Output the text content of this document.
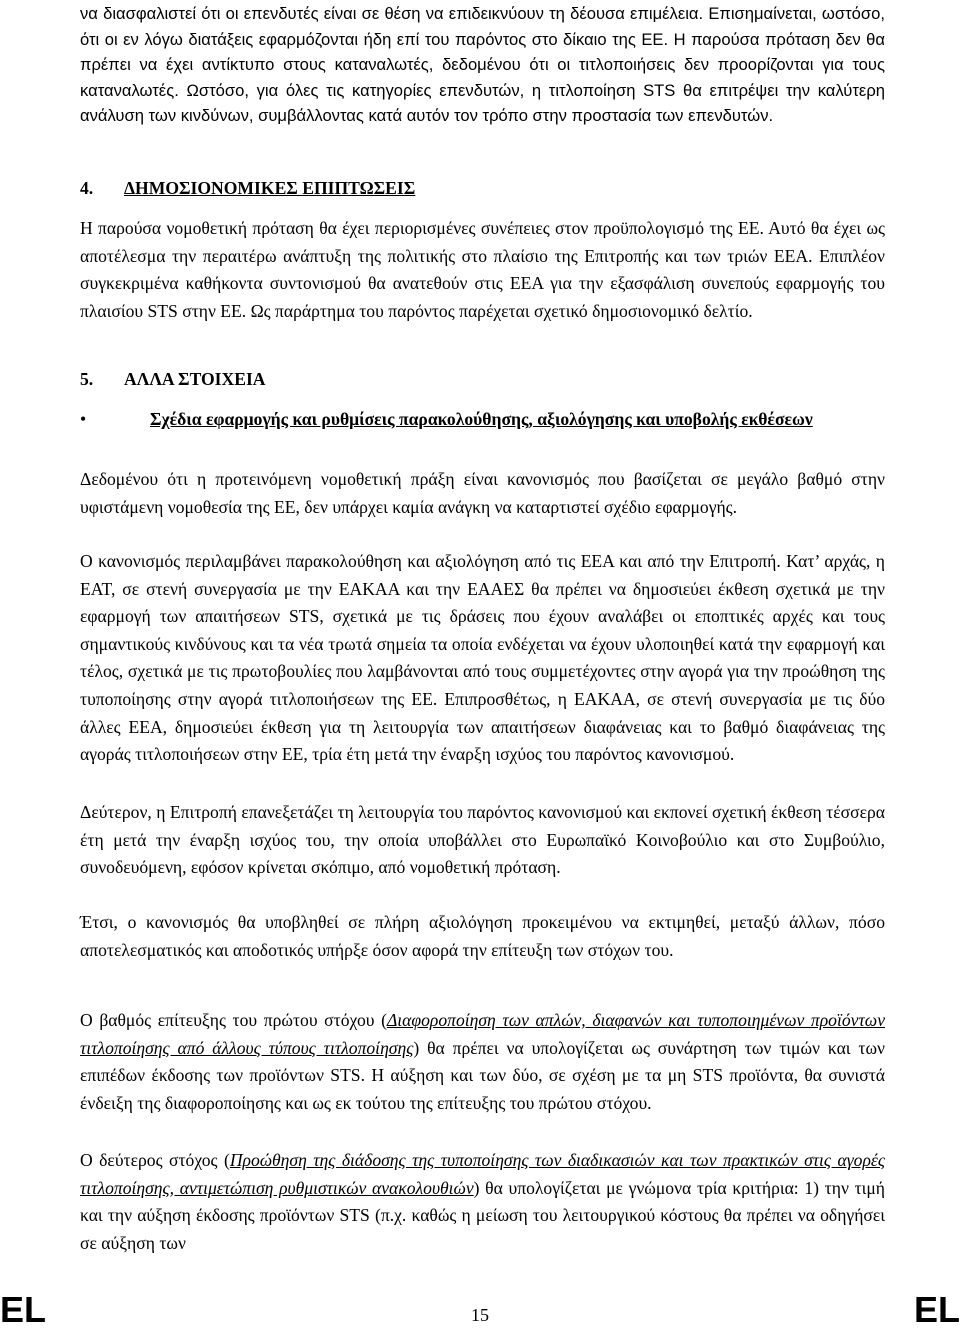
να διασφαλιστεί ότι οι επενδυτές είναι σε θέση να επιδεικνύουν τη δέουσα επιμέλεια. Επισημαίνεται, ωστόσο, ότι οι εν λόγω διατάξεις εφαρμόζονται ήδη επί του παρόντος στο δίκαιο της ΕΕ. Η παρούσα πρόταση δεν θα πρέπει να έχει αντίκτυπο στους καταναλωτές, δεδομένου ότι οι τιτλοποιήσεις δεν προορίζονται για τους καταναλωτές. Ωστόσο, για όλες τις κατηγορίες επενδυτών, η τιτλοποίηση STS θα επιτρέψει την καλύτερη ανάλυση των κινδύνων, συμβάλλοντας κατά αυτόν τον τρόπο στην προστασία των επενδυτών.

4. ΔΗΜΟΣΙΟΝΟΜΙΚΕΣ ΕΠΙΠΤΩΣΕΙΣ

Η παρούσα νομοθετική πρόταση θα έχει περιορισμένες συνέπειες στον προϋπολογισμό της ΕΕ. Αυτό θα έχει ως αποτέλεσμα την περαιτέρω ανάπτυξη της πολιτικής στο πλαίσιο της Επιτροπής και των τριών ΕΕΑ. Επιπλέον συγκεκριμένα καθήκοντα συντονισμού θα ανατεθούν στις ΕΕΑ για την εξασφάλιση συνεπούς εφαρμογής του πλαισίου STS στην ΕΕ. Ως παράρτημα του παρόντος παρέχεται σχετικό δημοσιονομικό δελτίο.

5. ΑΛΛΑ ΣΤΟΙΧΕΙΑ
•	Σχέδια εφαρμογής και ρυθμίσεις παρακολούθησης, αξιολόγησης και υποβολής εκθέσεων

Δεδομένου ότι η προτεινόμενη νομοθετική πράξη είναι κανονισμός που βασίζεται σε μεγάλο βαθμό στην υφιστάμενη νομοθεσία της ΕΕ, δεν υπάρχει καμία ανάγκη να καταρτιστεί σχέδιο εφαρμογής.

Ο κανονισμός περιλαμβάνει παρακολούθηση και αξιολόγηση από τις ΕΕΑ και από την Επιτροπή. Κατ’ αρχάς, η ΕΑΤ, σε στενή συνεργασία με την ΕΑΚΑΑ και την ΕΑΑΕΣ θα πρέπει να δημοσιεύει έκθεση σχετικά με την εφαρμογή των απαιτήσεων STS, σχετικά με τις δράσεις που έχουν αναλάβει οι εποπτικές αρχές και τους σημαντικούς κινδύνους και τα νέα τρωτά σημεία τα οποία ενδέχεται να έχουν υλοποιηθεί κατά την εφαρμογή και τέλος, σχετικά με τις πρωτοβουλίες που λαμβάνονται από τους συμμετέχοντες στην αγορά για την προώθηση της τυποποίησης στην αγορά τιτλοποιήσεων της ΕΕ. Επιπροσθέτως, η ΕΑΚΑΑ, σε στενή συνεργασία με τις δύο άλλες ΕΕΑ, δημοσιεύει έκθεση για τη λειτουργία των απαιτήσεων διαφάνειας και το βαθμό διαφάνειας της αγοράς τιτλοποιήσεων στην ΕΕ, τρία έτη μετά την έναρξη ισχύος του παρόντος κανονισμού.

Δεύτερον, η Επιτροπή επανεξετάζει τη λειτουργία του παρόντος κανονισμού και εκπονεί σχετική έκθεση τέσσερα έτη μετά την έναρξη ισχύος του, την οποία υποβάλλει στο Ευρωπαϊκό Κοινοβούλιο και στο Συμβούλιο, συνοδευόμενη, εφόσον κρίνεται σκόπιμο, από νομοθετική πρόταση.

Έτσι, ο κανονισμός θα υποβληθεί σε πλήρη αξιολόγηση προκειμένου να εκτιμηθεί, μεταξύ άλλων, πόσο αποτελεσματικός και αποδοτικός υπήρξε όσον αφορά την επίτευξη των στόχων του.

Ο βαθμός επίτευξης του πρώτου στόχου (Διαφοροποίηση των απλών, διαφανών και τυποποιημένων προϊόντων τιτλοποίησης από άλλους τύπους τιτλοποίησης) θα πρέπει να υπολογίζεται ως συνάρτηση των τιμών και των επιπέδων έκδοσης των προϊόντων STS. Η αύξηση και των δύο, σε σχέση με τα μη STS προϊόντα, θα συνιστά ένδειξη της διαφοροποίησης και ως εκ τούτου της επίτευξης του πρώτου στόχου.

Ο δεύτερος στόχος (Προώθηση της διάδοσης της τυποποίησης των διαδικασιών και των πρακτικών στις αγορές τιτλοποίησης, αντιμετώπιση ρυθμιστικών ανακολουθιών) θα υπολογίζεται με γνώμονα τρία κριτήρια: 1) την τιμή και την αύξηση έκδοσης προϊόντων STS (π.χ. καθώς η μείωση του λειτουργικού κόστους θα πρέπει να οδηγήσει σε αύξηση των

EL	15	EL
